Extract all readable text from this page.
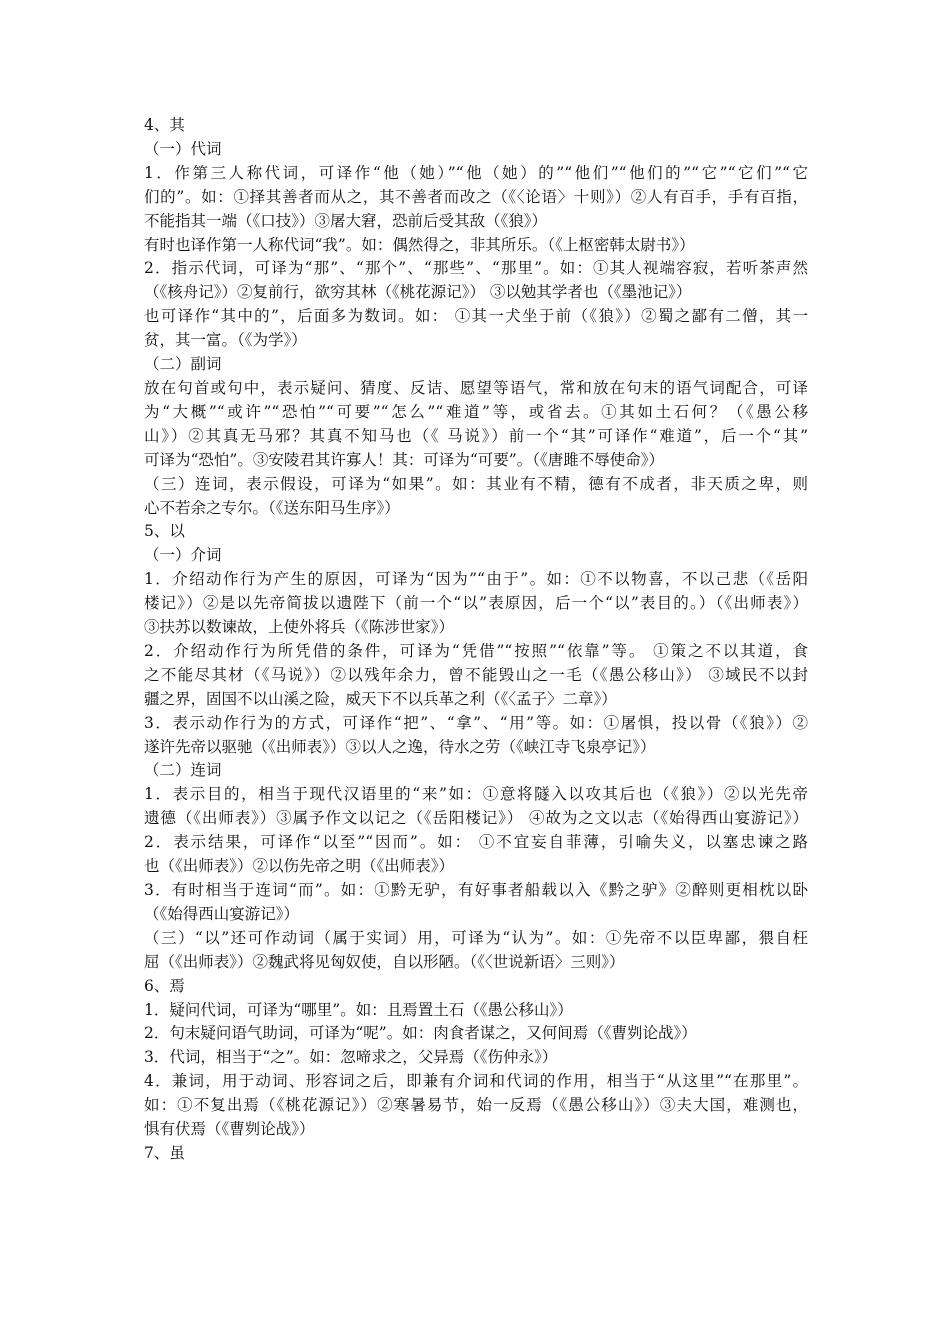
4、其
（一）代词
1．作第三人称代词，可译作“他（她）”“他（她）的”“他们”“他们的”“它”“它们”“它
们的”。如：①择其善者而从之，其不善者而改之（《〈论语〉十则》）②人有百手，手有百指，
不能指其一端（《口技》）③屠大窘，恐前后受其敌（《狼》）
有时也译作第一人称代词“我”。如：偶然得之，非其所乐。（《上枢密韩太尉书》）
2．指示代词，可译为“那”、“那个”、“那些”、“那里”。如：①其人视端容寂，若听茶声然
（《核舟记》）②复前行，欲穷其林（《桃花源记》） ③以勉其学者也（《墨池记》）
也可译作“其中的”，后面多为数词。如： ①其一犬坐于前（《狼》）②蜀之鄙有二僧，其一
贫，其一富。（《为学》）
（二）副词
放在句首或句中，表示疑问、猜度、反诘、愿望等语气，常和放在句末的语气词配合，可译
为“大概”“或许”“恐怕”“可要”“怎么”“难道”等，或省去。①其如土石何？（《愚公移
山》）②其真无马邪？其真不知马也（《 马说》）前一个“其”可译作“难道”，后一个“其”
可译为“恐怕”。③安陵君其许寡人！其：可译为“可要”。（《唐雎不辱使命》）
（三）连词，表示假设，可译为“如果”。如：其业有不精，德有不成者，非天质之卑，则
心不若余之专尔。（《送东阳马生序》）
5、以
（一）介词
1．介绍动作行为产生的原因，可译为“因为”“由于”。如：①不以物喜，不以己悲（《岳阳
楼记》）②是以先帝简拔以遗陛下（前一个“以”表原因，后一个“以”表目的。）（《出师表》）
③扶苏以数谏故，上使外将兵（《陈涉世家》）
2．介绍动作行为所凭借的条件，可译为“凭借”“按照”“依靠”等。 ①策之不以其道，食
之不能尽其材（《马说》）②以残年余力，曾不能毁山之一毛（《愚公移山》） ③域民不以封
疆之界，固国不以山溪之险，威天下不以兵革之利（《〈孟子〉二章》）
3．表示动作行为的方式，可译作“把”、“拿”、“用”等。如：①屠惧，投以骨（《狼》）②
遂许先帝以驱驰（《出师表》）③以人之逸，待水之劳（《峡江寺飞泉亭记》）
（二）连词
1．表示目的，相当于现代汉语里的“来”如：①意将隧入以攻其后也（《狼》）②以光先帝
遗德（《出师表》）③属予作文以记之（《岳阳楼记》） ④故为之文以志（《始得西山宴游记》）
2．表示结果，可译作“以至”“因而”。如： ①不宜妄自菲薄，引喻失义，以塞忠谏之路
也（《出师表》）②以伤先帝之明（《出师表》）
3．有时相当于连词“而”。如：①黔无驴，有好事者船载以入《黔之驴》②醉则更相枕以卧
（《始得西山宴游记》）
（三）“以”还可作动词（属于实词）用，可译为“认为”。如：①先帝不以臣卑鄙，猥自枉
屈（《出师表》）②魏武将见匈奴使，自以形陋。（《〈世说新语〉三则》）
6、焉
1．疑问代词，可译为“哪里”。如：且焉置土石（《愚公移山》）
2．句末疑问语气助词，可译为“呢”。如：肉食者谋之，又何间焉（《曹刿论战》）
3．代词，相当于“之”。如：忽啼求之，父异焉（《伤仲永》）
4．兼词，用于动词、形容词之后，即兼有介词和代词的作用，相当于“从这里”“在那里”。
如：①不复出焉（《桃花源记》）②寒暑易节，始一反焉（《愚公移山》）③夫大国，难测也，
惧有伏焉（《曹刿论战》）
7、虽
